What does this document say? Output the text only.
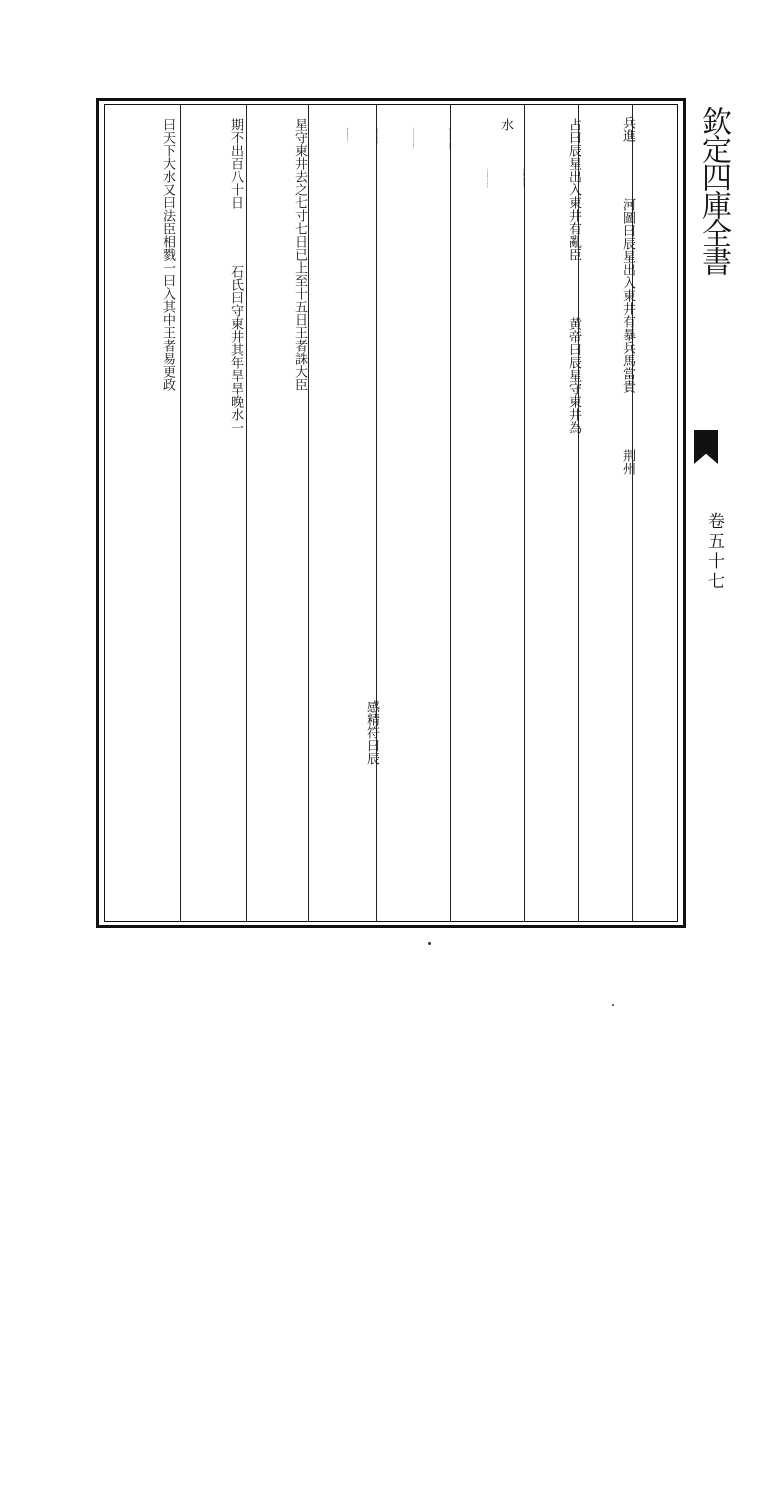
欽定四庫全書
卷五十七
兵進河圖曰辰星出入東井有暴兵馬當貴荆州
占曰辰星出入東井有亂臣黄帝曰辰星守東井為
水
天文志曰光武建武三十年閏月甲午水在東井二
十度生白氣東南指熖長五尺為彗東北行至紫宫
西藩止五月甲子不見凡見三十一日水常以夏至後
效東井閏月在四月尚未當見而見是躁而進也東井
為水衡水出之為大水是歳五月及明年
郡國大水壞城郭傷禾稼殺人民也
感精符曰辰
星守東井去之七寸七日已上至十五日王者誅大臣
期不出百八十日石氏曰守東井其年旱旱晚水一
曰天下大水又曰法臣相戮一曰入其中王者易更政
